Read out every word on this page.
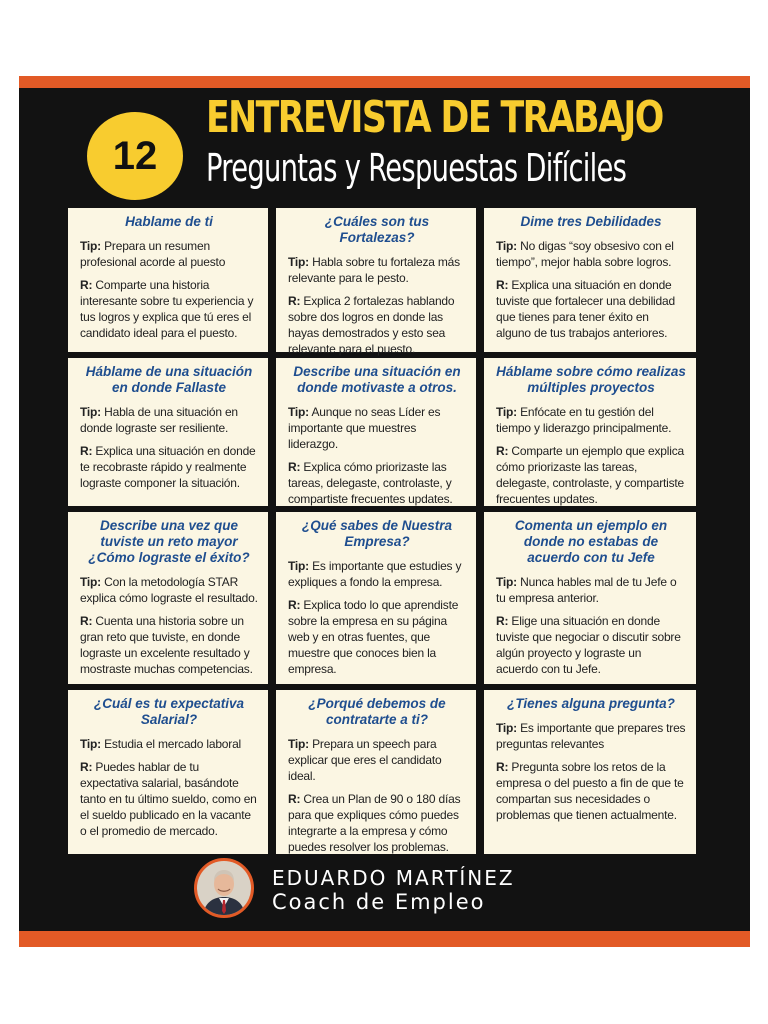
12
ENTREVISTA DE TRABAJO
Preguntas y Respuestas Difíciles
Hablame de ti

Tip: Prepara un resumen profesional acorde al puesto

R: Comparte una historia interesante sobre tu experiencia y tus logros y explica que tú eres el candidato ideal para el puesto.

¿Cuáles son tus Fortalezas?

Tip: Habla sobre tu fortaleza más relevante para le pesto.

R: Explica 2 fortalezas hablando sobre dos logros en donde las hayas demostrados y esto sea relevante para el puesto.

Dime tres Debilidades

Tip: No digas “soy obsesivo con el tiempo”, mejor habla sobre logros.

R: Explica una situación en donde tuviste que fortalecer una debilidad que tienes para tener éxito en alguno de tus trabajos anteriores.

Háblame de una situación en donde Fallaste

Tip: Habla de una situación en donde lograste ser resiliente.

R: Explica una situación en donde te recobraste rápido y realmente lograste componer la situación.

Describe una situación en donde motivaste a otros.

Tip: Aunque no seas Líder es importante que muestres liderazgo.

R: Explica cómo priorizaste las tareas, delegaste, controlaste, y compartiste frecuentes updates.

Háblame sobre cómo realizas múltiples proyectos

Tip: Enfócate en tu gestión del tiempo y liderazgo principalmente.

R: Comparte un ejemplo que explica cómo priorizaste las tareas, delegaste, controlaste, y compartiste frecuentes updates.

Describe una vez que tuviste un reto mayor ¿Cómo lograste el éxito?

Tip: Con la metodología STAR explica cómo lograste el resultado.

R: Cuenta una historia sobre un gran reto que tuviste, en donde lograste un excelente resultado y mostraste muchas competencias.

¿Qué sabes de Nuestra Empresa?

Tip: Es importante que estudies y expliques a fondo la empresa.

R: Explica todo lo que aprendiste sobre la empresa en su página web y en otras fuentes, que muestre que conoces bien la empresa.

Comenta un ejemplo en donde no estabas de acuerdo con tu Jefe

Tip: Nunca hables mal de tu Jefe o tu empresa anterior.

R: Elige una situación en donde tuviste que negociar o discutir sobre algún proyecto y lograste un acuerdo con tu Jefe.

¿Cuál es tu expectativa Salarial?

Tip: Estudia el mercado laboral

R: Puedes hablar de tu expectativa salarial, basándote tanto en tu último sueldo, como en el sueldo publicado en la vacante o el promedio de mercado.

¿Porqué debemos de contratarte a ti?

Tip: Prepara un speech para explicar que eres el candidato ideal.

R: Crea un Plan de 90 o 180 días para que expliques cómo puedes integrarte a la empresa y cómo puedes resolver los problemas.

¿Tienes alguna pregunta?

Tip: Es importante que prepares tres preguntas relevantes

R: Pregunta sobre los retos de la empresa o del puesto a fin de que te compartan sus necesidades o problemas que tienen actualmente.

EDUARDO MARTÍNEZ
Coach de Empleo
